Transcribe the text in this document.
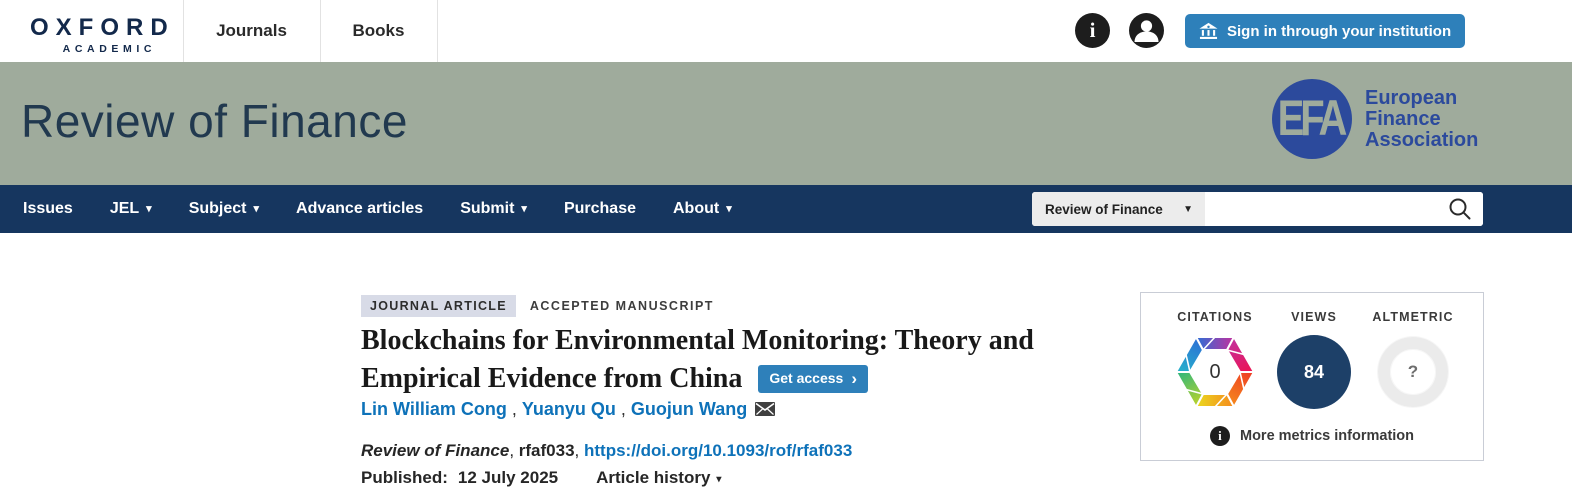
OXFORD
ACADEMIC
Journals	Books	i	Sign in through your institution
Review of Finance	EFA European
Finance
Association
Issues JEL ▾ Subject ▾ Advance articles Submit ▾ Purchase About ▾	Review of Finance ▼
JOURNAL ARTICLE	ACCEPTED MANUSCRIPT
Blockchains for Environmental Monitoring: Theory and
Empirical Evidence from China Get access ›
Lin William Cong , Yuanyu Qu , Guojun Wang
Review of Finance, rfaf033, https://doi.org/10.1093/rof/rfaf033
Published: 12 July 2025 Article history ▾
CITATIONS
0
VIEWS
84
ALTMETRIC
?
i More metrics information
